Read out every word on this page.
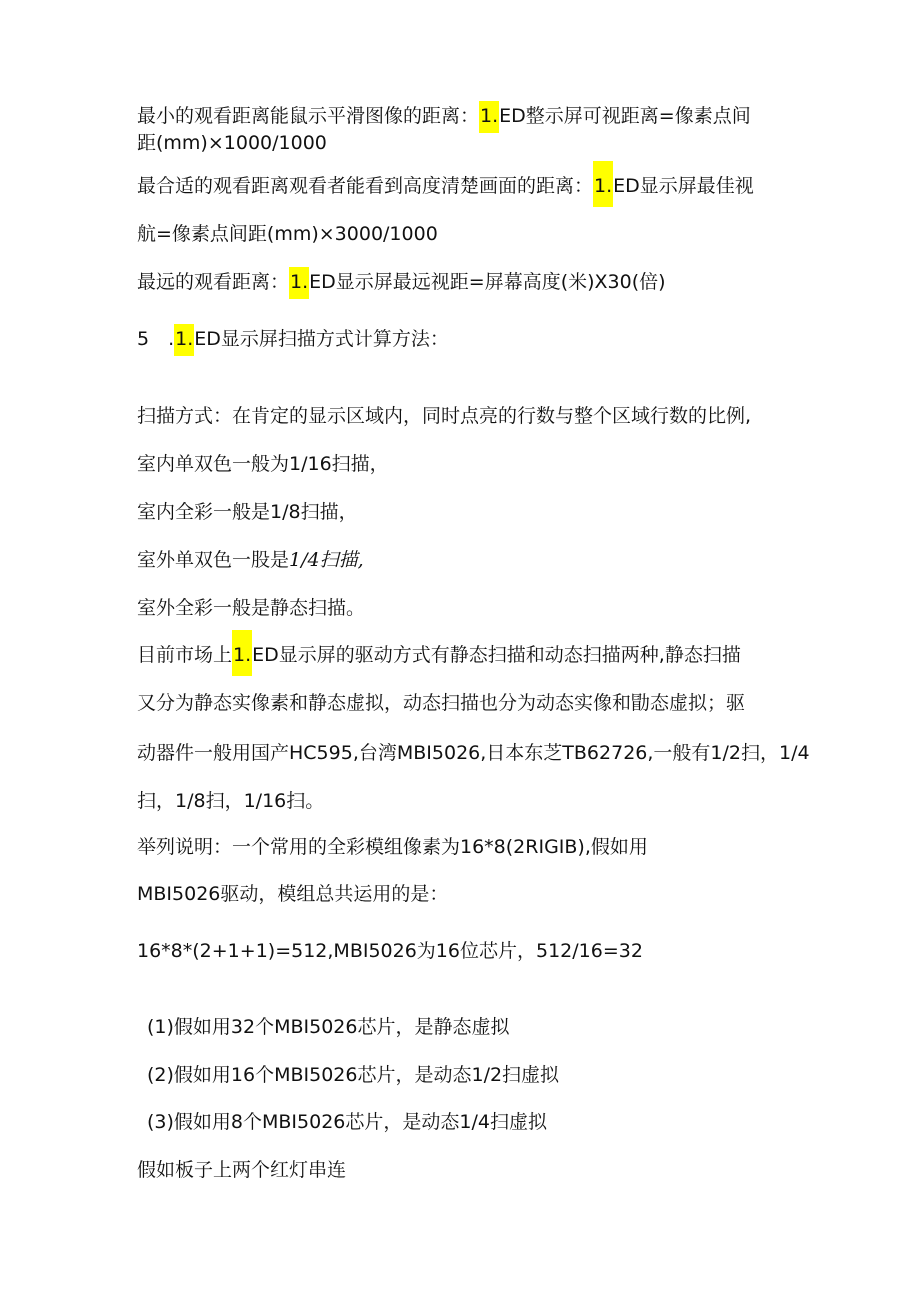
最小的观看距离能鼠示平滑图像的距离：1.ED整示屏可视距离=像素点间
距(mm)×1000/1000
最合适的观看距离观看者能看到高度清楚画面的距离：1.ED显示屏最佳视
航=像素点间距(mm)×3000/1000
最远的观看距离：1.ED显示屏最远视距=屏幕高度(米)X30(倍)
5　.1.ED显示屏扫描方式计算方法：
扫描方式：在肯定的显示区域内，同时点亮的行数与整个区域行数的比例,
室内单双色一般为1/16扫描，
室内全彩一般是1/8扫描，
室外单双色一股是1/4扫描,
室外全彩一般是静态扫描。
目前市场上1.ED显示屏的驱动方式有静态扫描和动态扫描两种,静态扫描
又分为静态实像素和静态虚拟，动态扫描也分为动态实像和勖态虚拟；驱
动器件一般用国产HC595,台湾MBI5026,日本东芝TB62726,一般有1/2扫，1/4
扫，1/8扫，1/16扫。
举列说明：一个常用的全彩模组像素为16*8(2RIGIB),假如用
MBI5026驱动，模组总共运用的是：
16*8*(2+1+1)=512,MBI5026为16位芯片，512/16=32
(1)假如用32个MBI5026芯片，是静态虚拟
(2)假如用16个MBI5026芯片，是动态1/2扫虚拟
(3)假如用8个MBI5026芯片，是动态1/4扫虚拟
假如板子上两个红灯串连
